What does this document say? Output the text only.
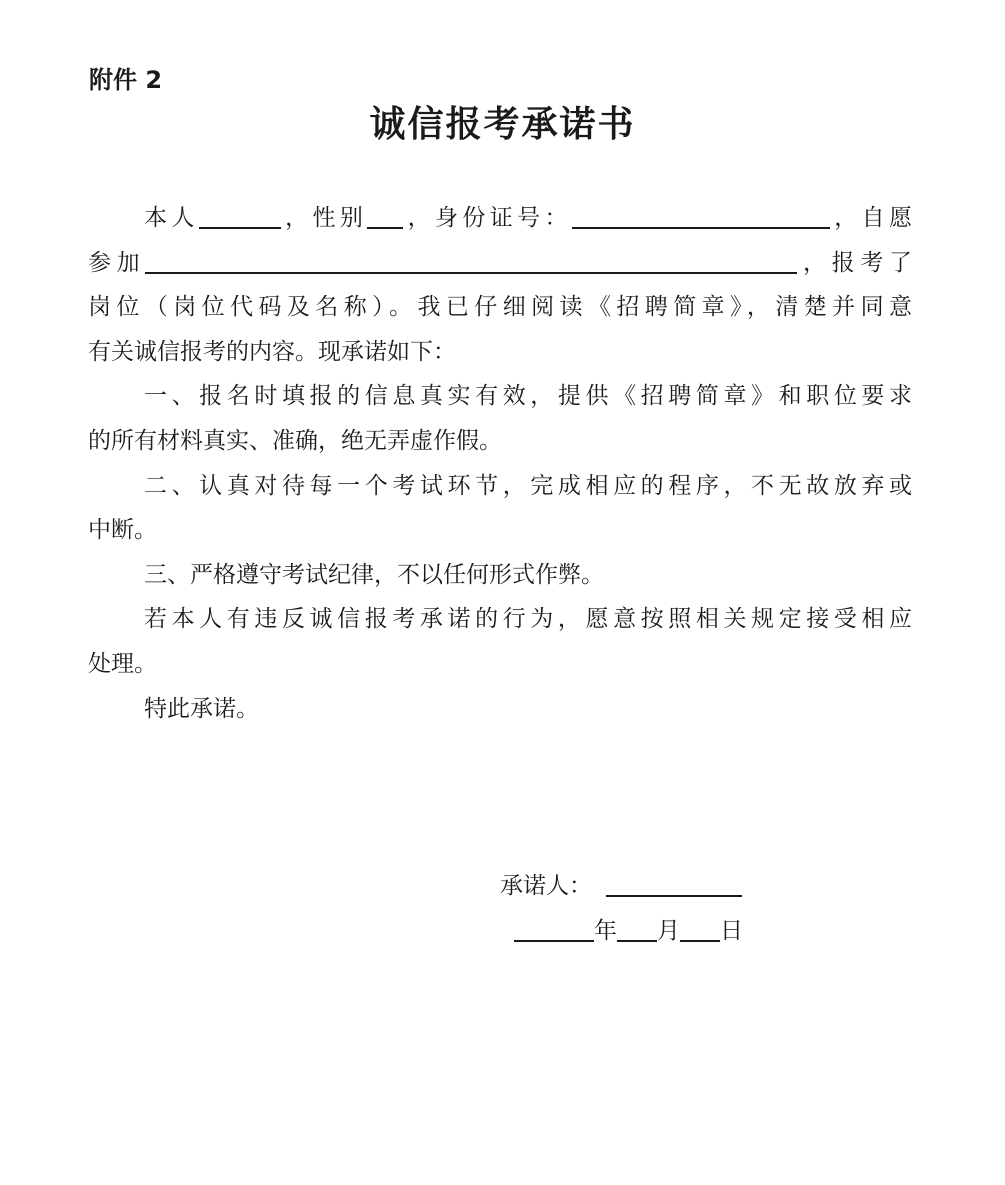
附件 2
诚信报考承诺书
本人	，性别 ，身份证号：	，自愿
参加	，报考了
岗位（岗位代码及名称）。我已仔细阅读《招聘简章》，清楚并同意
有关诚信报考的内容。现承诺如下：
一、报名时填报的信息真实有效，提供《招聘简章》和职位要求
的所有材料真实、准确，绝无弄虚作假。
二、认真对待每一个考试环节，完成相应的程序，不无故放弃或
中断。
三、严格遵守考试纪律，不以任何形式作弊。
若本人有违反诚信报考承诺的行为，愿意按照相关规定接受相应
处理。
特此承诺。
承诺人：
年 月 日
